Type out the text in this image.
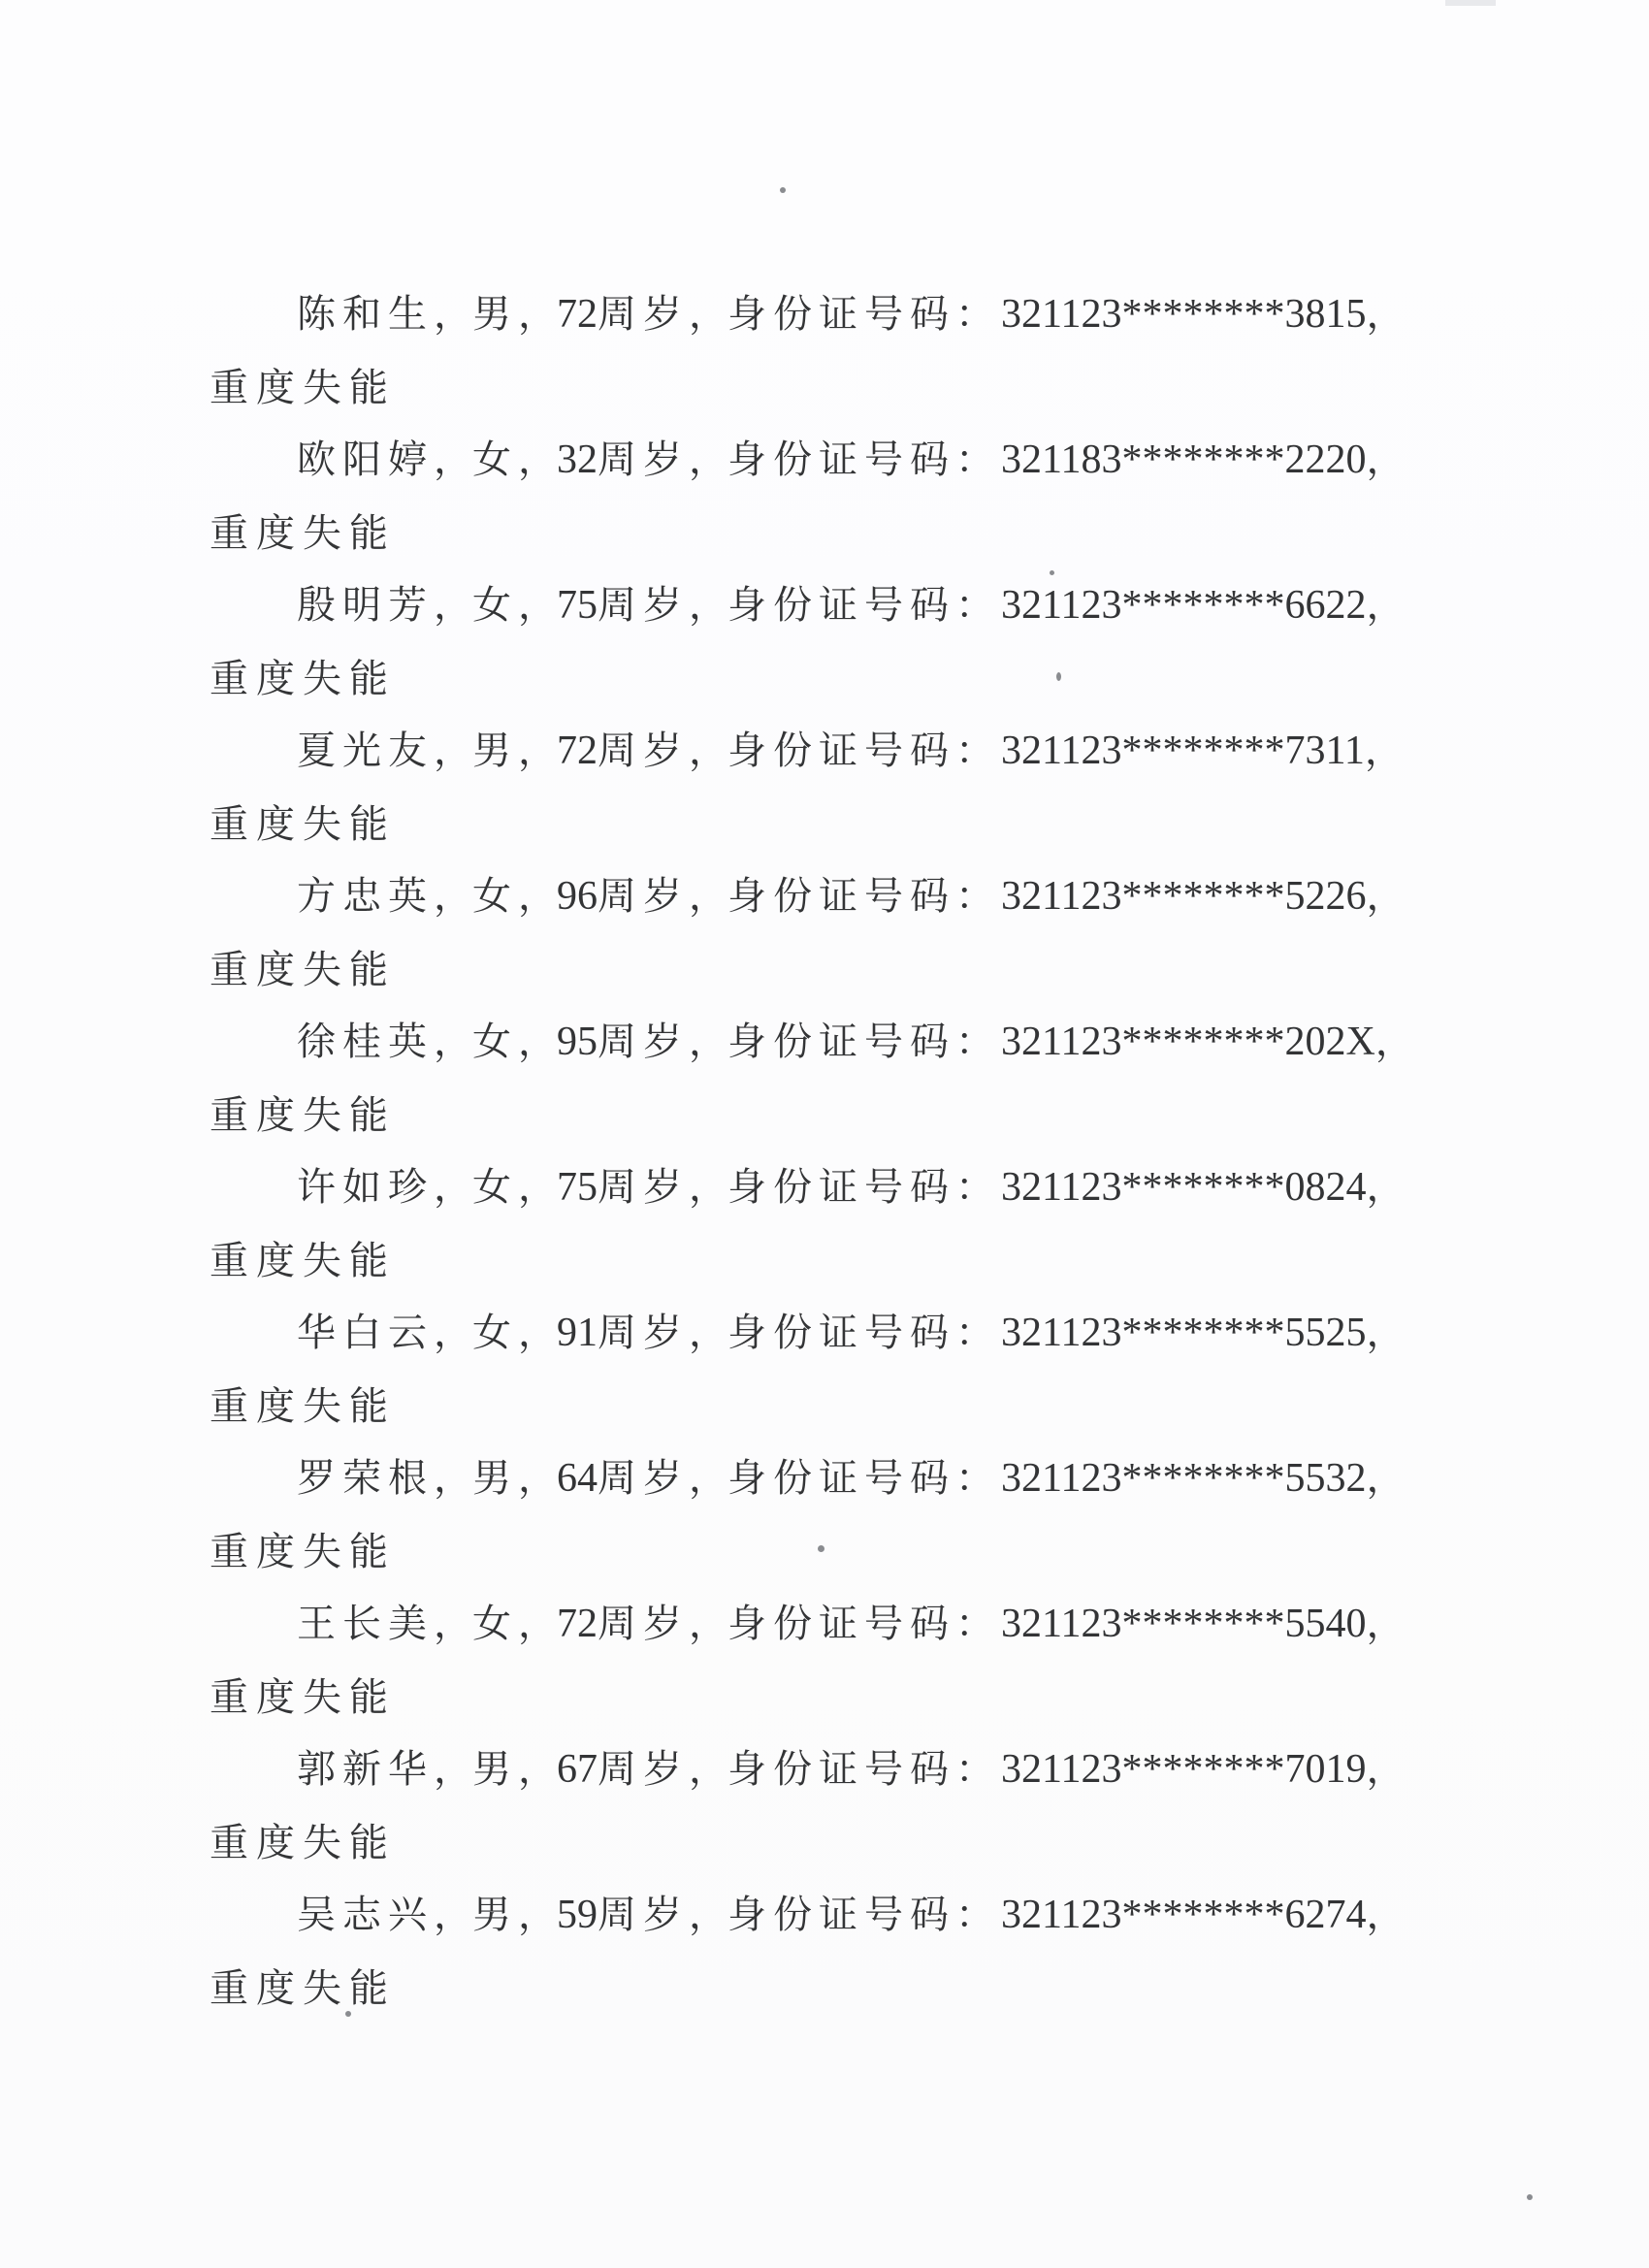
陈和生，男，72周岁，身份证号码：321123********3815，
重度失能
欧阳婷，女，32周岁，身份证号码：321183********2220，
重度失能
殷明芳，女，75周岁，身份证号码：321123********6622，
重度失能
夏光友，男，72周岁，身份证号码：321123********7311，
重度失能
方忠英，女，96周岁，身份证号码：321123********5226，
重度失能
徐桂英，女，95周岁，身份证号码：321123********202X，
重度失能
许如珍，女，75周岁，身份证号码：321123********0824，
重度失能
华白云，女，91周岁，身份证号码：321123********5525，
重度失能
罗荣根，男，64周岁，身份证号码：321123********5532，
重度失能
王长美，女，72周岁，身份证号码：321123********5540，
重度失能
郭新华，男，67周岁，身份证号码：321123********7019，
重度失能
吴志兴，男，59周岁，身份证号码：321123********6274，
重度失能
